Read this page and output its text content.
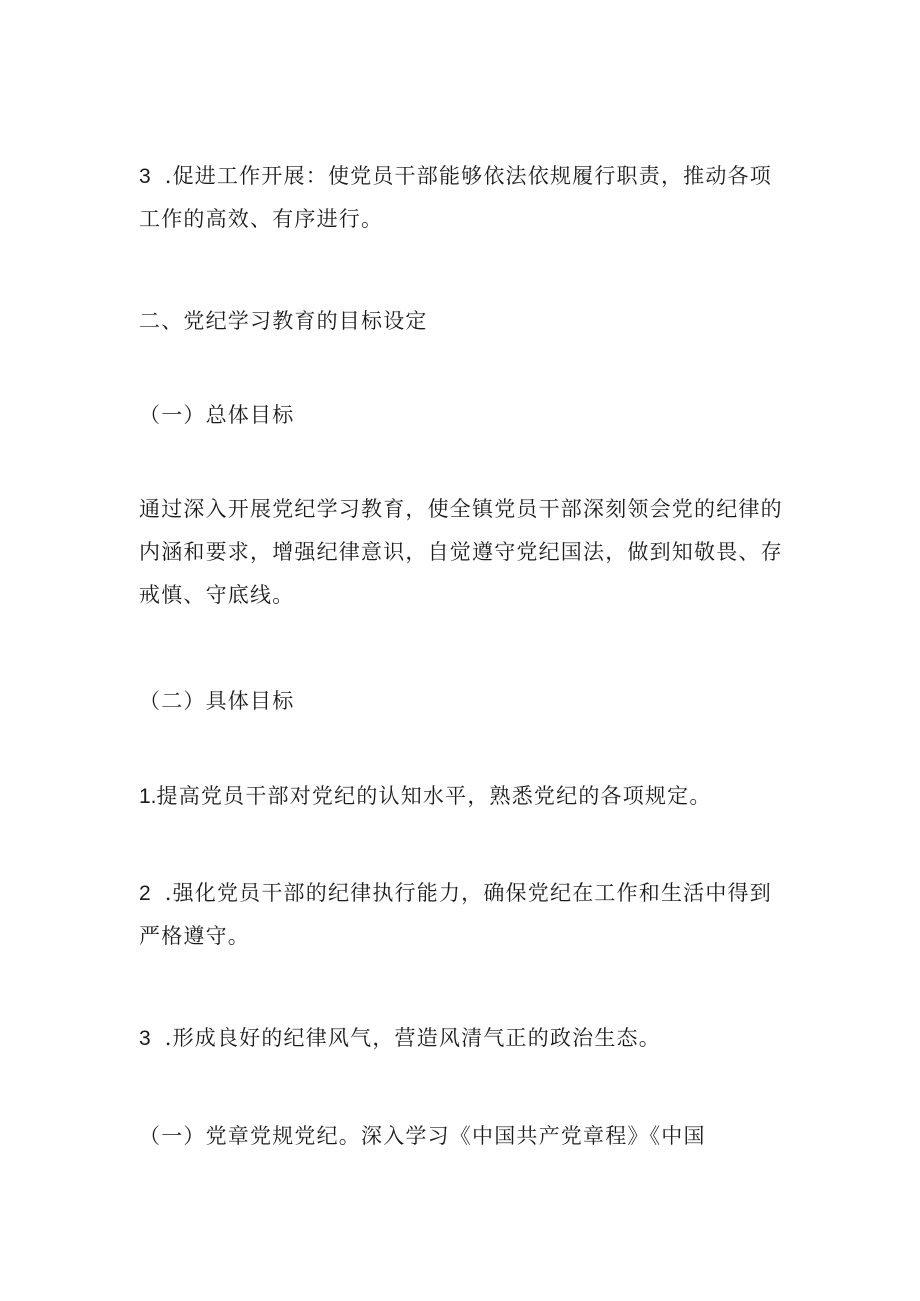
3 .促进工作开展：使党员干部能够依法依规履行职责，推动各项工作的高效、有序进行。

二、党纪学习教育的目标设定

（一）总体目标

通过深入开展党纪学习教育，使全镇党员干部深刻领会党的纪律的内涵和要求，增强纪律意识，自觉遵守党纪国法，做到知敬畏、存戒慎、守底线。

（二）具体目标

1.提高党员干部对党纪的认知水平，熟悉党纪的各项规定。

2 .强化党员干部的纪律执行能力，确保党纪在工作和生活中得到严格遵守。

3 .形成良好的纪律风气，营造风清气正的政治生态。

（一）党章党规党纪。深入学习《中国共产党章程》《中国
